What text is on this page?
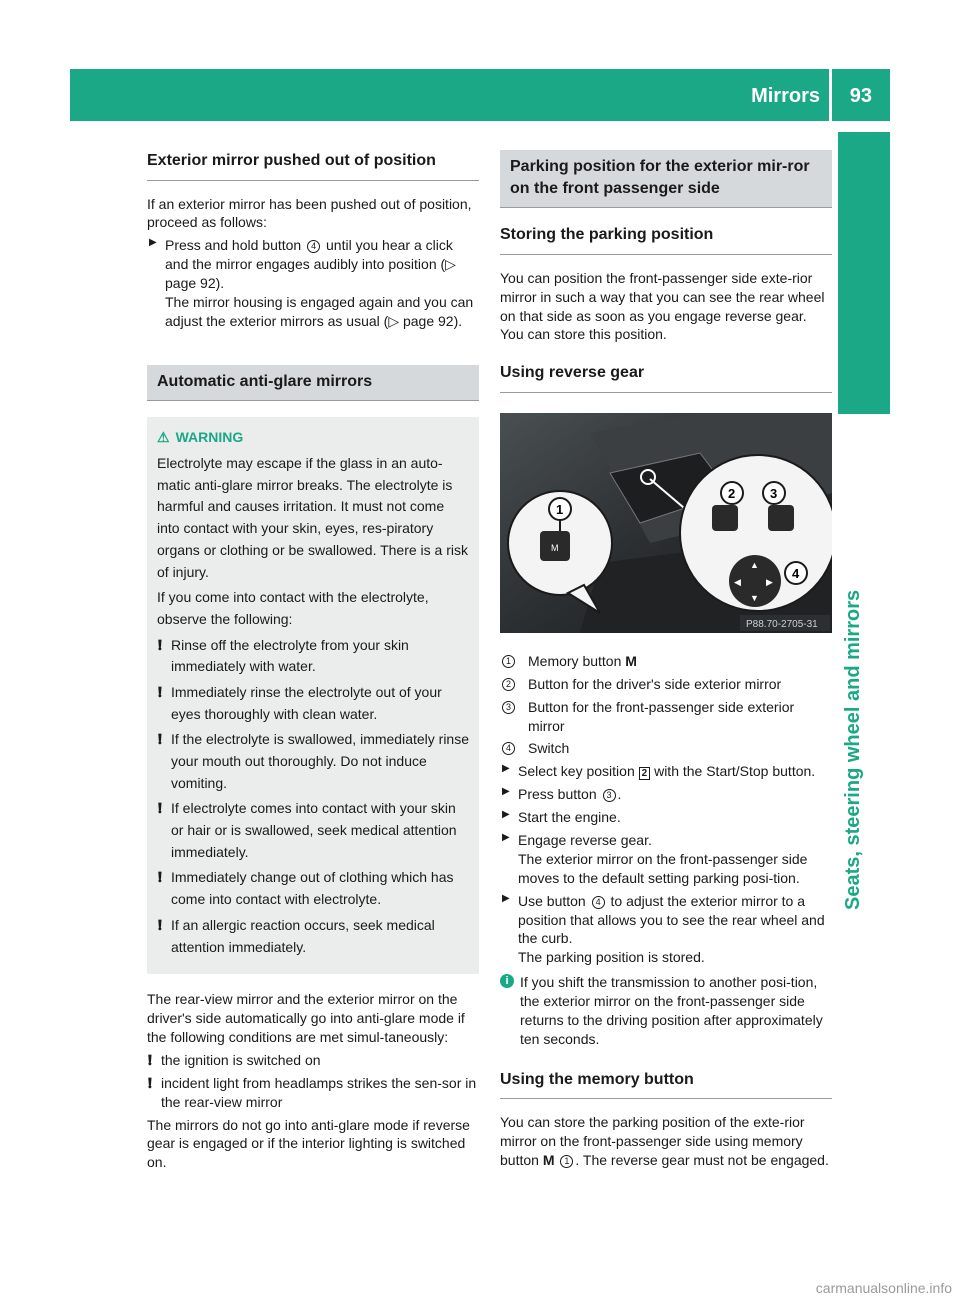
Mirrors 93
Seats, steering wheel and mirrors
Exterior mirror pushed out of position

If an exterior mirror has been pushed out of position, proceed as follows:

▶ Press and hold button 4 until you hear a click and the mirror engages audibly into position (▷ page 92).
The mirror housing is engaged again and you can adjust the exterior mirrors as usual (▷ page 92).
Automatic anti-glare mirrors
⚠ WARNING

Electrolyte may escape if the glass in an auto-matic anti-glare mirror breaks. The electrolyte is harmful and causes irritation. It must not come into contact with your skin, eyes, res-piratory organs or clothing or be swallowed. There is a risk of injury.

If you come into contact with the electrolyte, observe the following:

❗︎ Rinse off the electrolyte from your skin immediately with water.
❗︎ Immediately rinse the electrolyte out of your eyes thoroughly with clean water.
❗︎ If the electrolyte is swallowed, immediately rinse your mouth out thoroughly. Do not induce vomiting.
❗︎ If electrolyte comes into contact with your skin or hair or is swallowed, seek medical attention immediately.
❗︎ Immediately change out of clothing which has come into contact with electrolyte.
❗︎ If an allergic reaction occurs, seek medical attention immediately.

The rear-view mirror and the exterior mirror on the driver's side automatically go into anti-glare mode if the following conditions are met simul-taneously:

❗︎ the ignition is switched on
❗︎ incident light from headlamps strikes the sen-sor in the rear-view mirror

The mirrors do not go into anti-glare mode if reverse gear is engaged or if the interior lighting is switched on.

Parking position for the exterior mir-ror on the front passenger side
Storing the parking position

You can position the front-passenger side exte-rior mirror in such a way that you can see the rear wheel on that side as soon as you engage reverse gear. You can store this position.

Using reverse gear
M
1
▲
▼
◀	▶
2	3
4
P88.70-2705-31
1 Memory button M
2 Button for the driver's side exterior mirror
3 Button for the front-passenger side exterior mirror
4 Switch
▶ Select key position 2 with the Start/Stop button.
▶ Press button 3 .
▶ Start the engine.
▶ Engage reverse gear.
The exterior mirror on the front-passenger side moves to the default setting parking posi-tion.
▶ Use button 4 to adjust the exterior mirror to a position that allows you to see the rear wheel and the curb.
The parking position is stored.
i If you shift the transmission to another posi-tion, the exterior mirror on the front-passenger side returns to the driving position after approximately ten seconds.
Using the memory button

You can store the parking position of the exte-rior mirror on the front-passenger side using memory button M 1 . The reverse gear must not be engaged.

carmanualsonline.info
